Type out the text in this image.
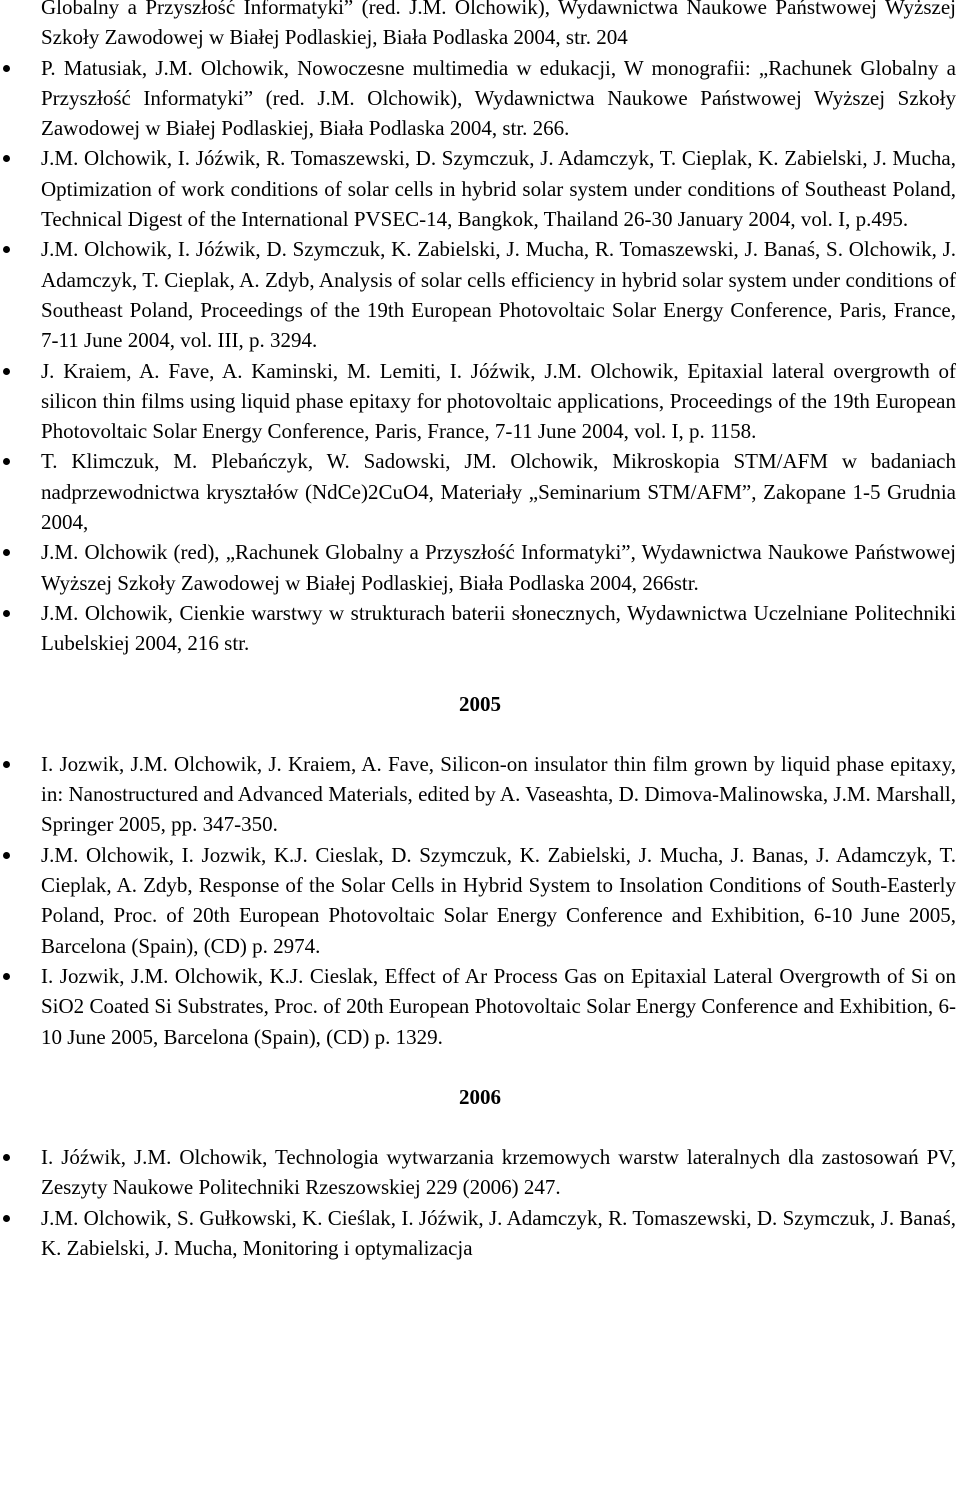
Globalny a Przyszłość Informatyki” (red. J.M. Olchowik), Wydawnictwa Naukowe Państwowej Wyższej Szkoły Zawodowej w Białej Podlaskiej, Biała Podlaska 2004, str. 204
P. Matusiak, J.M. Olchowik, Nowoczesne multimedia w edukacji, W monografii: „Rachunek Globalny a Przyszłość Informatyki” (red. J.M. Olchowik), Wydawnictwa Naukowe Państwowej Wyższej Szkoły Zawodowej w Białej Podlaskiej, Biała Podlaska 2004, str. 266.
J.M. Olchowik, I. Jóźwik, R. Tomaszewski, D. Szymczuk, J. Adamczyk, T. Cieplak, K. Zabielski, J. Mucha, Optimization of work conditions of solar cells in hybrid solar system under conditions of Southeast Poland, Technical Digest of the International PVSEC-14, Bangkok, Thailand 26-30 January 2004, vol. I, p.495.
J.M. Olchowik, I. Jóźwik, D. Szymczuk, K. Zabielski, J. Mucha, R. Tomaszewski, J. Banaś, S. Olchowik, J. Adamczyk, T. Cieplak, A. Zdyb, Analysis of solar cells efficiency in hybrid solar system under conditions of Southeast Poland, Proceedings of the 19th European Photovoltaic Solar Energy Conference, Paris, France, 7-11 June 2004, vol. III, p. 3294.
J. Kraiem, A. Fave, A. Kaminski, M. Lemiti, I. Jóźwik, J.M. Olchowik, Epitaxial lateral overgrowth of silicon thin films using liquid phase epitaxy for photovoltaic applications, Proceedings of the 19th European Photovoltaic Solar Energy Conference, Paris, France, 7-11 June 2004, vol. I, p. 1158.
T. Klimczuk, M. Plebańczyk, W. Sadowski, JM. Olchowik, Mikroskopia STM/AFM w badaniach nadprzewodnictwa kryształów (NdCe)2CuO4, Materiały „Seminarium STM/AFM”, Zakopane 1-5 Grudnia 2004,
J.M. Olchowik (red), „Rachunek Globalny a Przyszłość Informatyki”, Wydawnictwa Naukowe Państwowej Wyższej Szkoły Zawodowej w Białej Podlaskiej, Biała Podlaska 2004, 266str.
J.M. Olchowik, Cienkie warstwy w strukturach baterii słonecznych, Wydawnictwa Uczelniane Politechniki Lubelskiej 2004, 216 str.
2005
I. Jozwik, J.M. Olchowik, J. Kraiem, A. Fave, Silicon-on insulator thin film grown by liquid phase epitaxy, in: Nanostructured and Advanced Materials, edited by A. Vaseashta, D. Dimova-Malinowska, J.M. Marshall, Springer 2005, pp. 347-350.
J.M. Olchowik, I. Jozwik, K.J. Cieslak, D. Szymczuk, K. Zabielski, J. Mucha, J. Banas, J. Adamczyk, T. Cieplak, A. Zdyb, Response of the Solar Cells in Hybrid System to Insolation Conditions of South-Easterly Poland, Proc. of 20th European Photovoltaic Solar Energy Conference and Exhibition, 6-10 June 2005, Barcelona (Spain), (CD) p. 2974.
I. Jozwik, J.M. Olchowik, K.J. Cieslak, Effect of Ar Process Gas on Epitaxial Lateral Overgrowth of Si on SiO2 Coated Si Substrates, Proc. of 20th European Photovoltaic Solar Energy Conference and Exhibition, 6-10 June 2005, Barcelona (Spain), (CD) p. 1329.
2006
I. Jóźwik, J.M. Olchowik, Technologia wytwarzania krzemowych warstw lateralnych dla zastosowań PV, Zeszyty Naukowe Politechniki Rzeszowskiej 229 (2006) 247.
J.M. Olchowik, S. Gułkowski, K. Cieślak, I. Jóźwik, J. Adamczyk, R. Tomaszewski, D. Szymczuk, J. Banaś, K. Zabielski, J. Mucha, Monitoring i optymalizacja
